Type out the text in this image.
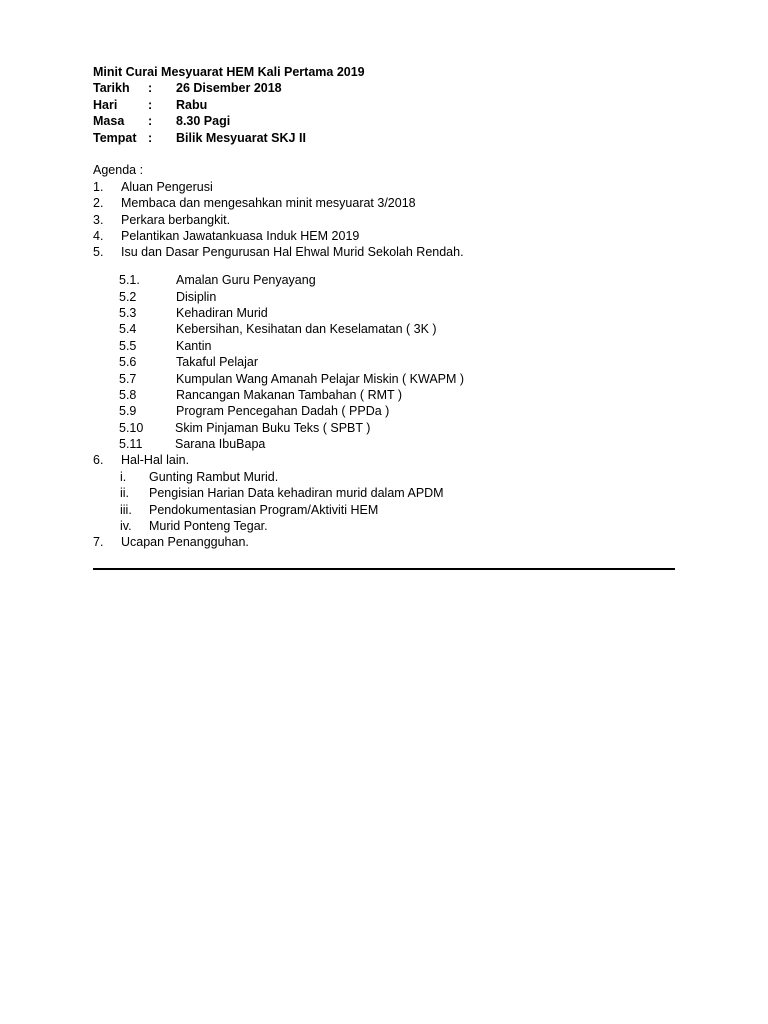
Minit Curai Mesyuarat HEM Kali Pertama 2019
Tarikh : 26 Disember 2018
Hari : Rabu
Masa : 8.30 Pagi
Tempat : Bilik Mesyuarat SKJ II
Agenda :
1. Aluan Pengerusi
2. Membaca dan mengesahkan minit mesyuarat 3/2018
3. Perkara berbangkit.
4. Pelantikan Jawatankuasa Induk HEM 2019
5. Isu dan Dasar Pengurusan Hal Ehwal Murid Sekolah Rendah.
5.1.	Amalan Guru Penyayang
5.2	Disiplin
5.3	Kehadiran Murid
5.4	Kebersihan, Kesihatan dan Keselamatan ( 3K )
5.5	Kantin
5.6	Takaful Pelajar
5.7	Kumpulan Wang Amanah Pelajar Miskin ( KWAPM )
5.8	Rancangan Makanan Tambahan ( RMT )
5.9	Program Pencegahan Dadah ( PPDa )
5.10	Skim Pinjaman Buku Teks ( SPBT )
5.11	Sarana IbuBapa
6. Hal-Hal lain.
i. Gunting Rambut Murid.
ii. Pengisian Harian Data kehadiran murid dalam APDM
iii. Pendokumentasian Program/Aktiviti HEM
iv. Murid Ponteng Tegar.
7. Ucapan Penangguhan.
